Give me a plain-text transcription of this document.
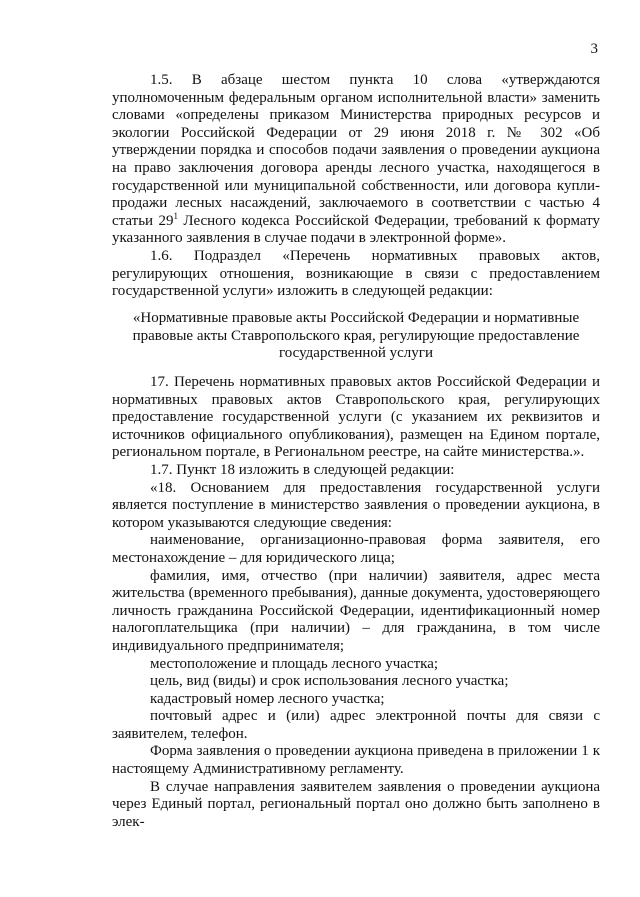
3

1.5. В абзаце шестом пункта 10 слова «утверждаются уполномоченным федеральным органом исполнительной власти» заменить словами «определены приказом Министерства природных ресурсов и экологии Российской Федерации от 29 июня 2018 г. № 302 «Об утверждении порядка и способов подачи заявления о проведении аукциона на право заключения договора аренды лесного участка, находящегося в государственной или муниципальной собственности, или договора купли-продажи лесных насаждений, заключаемого в соответствии с частью 4 статьи $29^1$ Лесного кодекса Российской Федерации, требований к формату указанного заявления в случае подачи в электронной форме».

1.6. Подраздел «Перечень нормативных правовых актов, регулирующих отношения, возникающие в связи с предоставлением государственной услуги» изложить в следующей редакции:

«Нормативные правовые акты Российской Федерации и нормативные правовые акты Ставропольского края, регулирующие предоставление государственной услуги

17. Перечень нормативных правовых актов Российской Федерации и нормативных правовых актов Ставропольского края, регулирующих предоставление государственной услуги (с указанием их реквизитов и источников официального опубликования), размещен на Едином портале, региональном портале, в Региональном реестре, на сайте министерства.».

1.7. Пункт 18 изложить в следующей редакции:

«18. Основанием для предоставления государственной услуги является поступление в министерство заявления о проведении аукциона, в котором указываются следующие сведения:

наименование, организационно-правовая форма заявителя, его местонахождение – для юридического лица;

фамилия, имя, отчество (при наличии) заявителя, адрес места жительства (временного пребывания), данные документа, удостоверяющего личность гражданина Российской Федерации, идентификационный номер налогоплательщика (при наличии) – для гражданина, в том числе индивидуального предпринимателя;

местоположение и площадь лесного участка;

цель, вид (виды) и срок использования лесного участка;

кадастровый номер лесного участка;

почтовый адрес и (или) адрес электронной почты для связи с заявителем, телефон.

Форма заявления о проведении аукциона приведена в приложении 1 к настоящему Административному регламенту.

В случае направления заявителем заявления о проведении аукциона через Единый портал, региональный портал оно должно быть заполнено в элек-
